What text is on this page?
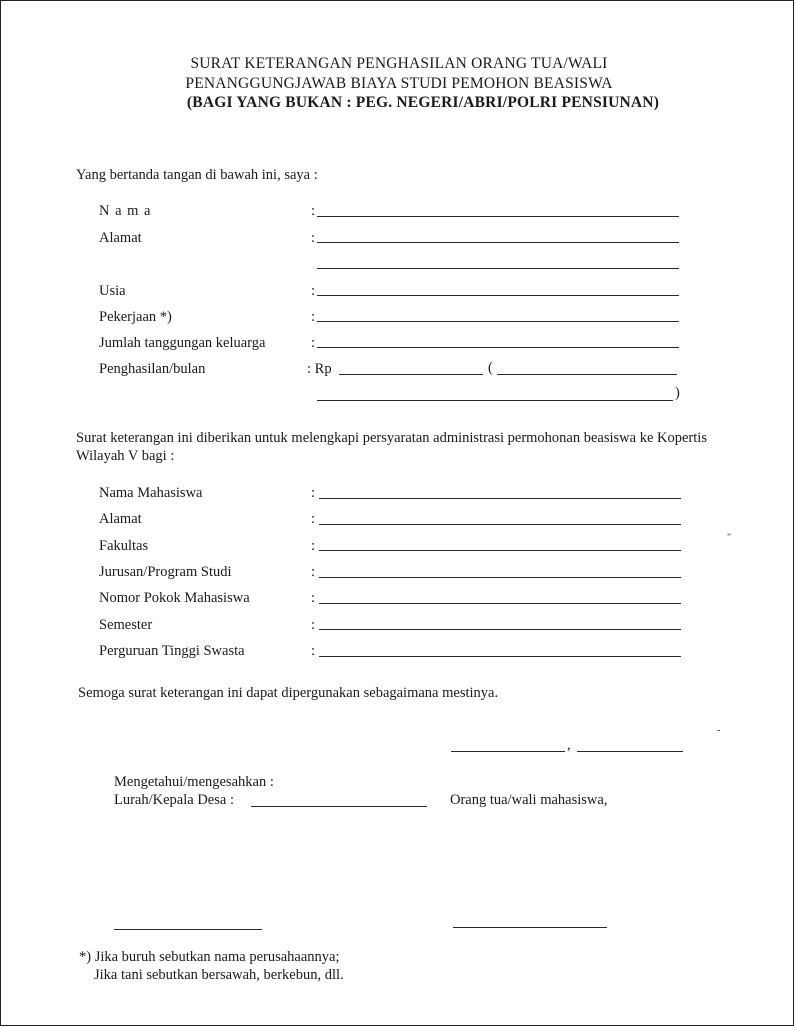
SURAT KETERANGAN PENGHASILAN ORANG TUA/WALI
PENANGGUNGJAWAB BIAYA STUDI PEMOHON BEASISWA
(BAGI YANG BUKAN : PEG. NEGERI/ABRI/POLRI PENSIUNAN)
Yang bertanda tangan di bawah ini, saya :
N a m a	:
Alamat	:
Usia	:
Pekerjaan *)	:
Jumlah tanggungan keluarga	:
Penghasilan/bulan	: Rp	(
)
Surat keterangan ini diberikan untuk melengkapi persyaratan administrasi permohonan beasiswa ke Kopertis
Wilayah V bagi :
Nama Mahasiswa	:
Alamat	:
Fakultas	:
Jurusan/Program Studi	:
Nomor Pokok Mahasiswa	:
Semester	:
Perguruan Tinggi Swasta	:
”
Semoga surat keterangan ini dapat dipergunakan sebagaimana mestinya.
,
-
Mengetahui/mengesahkan :
Lurah/Kepala Desa :	Orang tua/wali mahasiswa,
*) Jika buruh sebutkan nama perusahaannya;
Jika tani sebutkan bersawah, berkebun, dll.
